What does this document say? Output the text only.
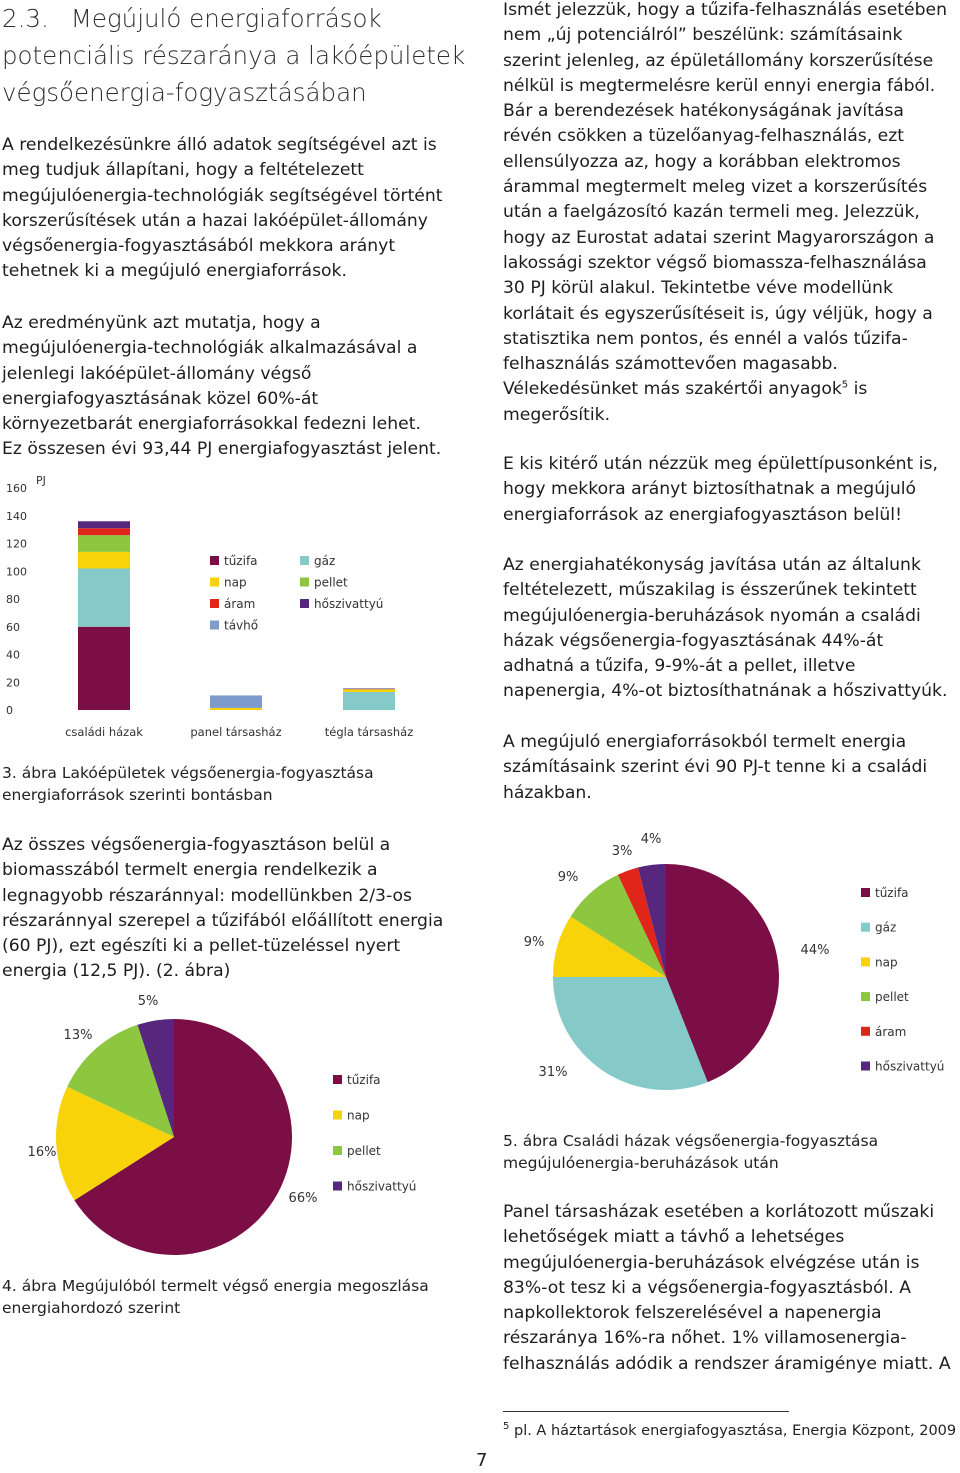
2.3. Megújuló energiaforrások
potenciális részaránya a lakóépületek
végsőenergia-fogyasztásában

A rendelkezésünkre álló adatok segítségével azt is

meg tudjuk állapítani, hogy a feltételezett

megújulóenergia-technológiák segítségével történt

korszerűsítések után a hazai lakóépület-állomány

végsőenergia-fogyasztásából mekkora arányt

tehetnek ki a megújuló energiaforrások.

Az eredményünk azt mutatja, hogy a

megújulóenergia-technológiák alkalmazásával a

jelenlegi lakóépület-állomány végső

energiafogyasztásának közel 60%-át

környezetbarát energiaforrásokkal fedezni lehet.

Ez összesen évi 93,44 PJ energiafogyasztást jelent.

0
20
40
60
80
100
120
140
160
PJ
családi házak	panel társasház	tégla társasház
tűzifa	gáz
nap	pellet
áram	hőszivattyú
távhő
3. ábra Lakóépületek végsőenergia-fogyasztása
energiaforrások szerinti bontásban

Az összes végsőenergia-fogyasztáson belül a

biomasszából termelt energia rendelkezik a

legnagyobb részaránnyal: modellünkben 2/3-os

részaránnyal szerepel a tűzifából előállított energia

(60 PJ), ezt egészíti ki a pellet-tüzeléssel nyert

energia (12,5 PJ). (2. ábra)

66%
16%
13%
5%
tűzifa
nap
pellet
hőszivattyú
4. ábra Megújulóból termelt végső energia megoszlása
energiahordozó szerint

Ismét jelezzük, hogy a tűzifa-felhasználás esetében

nem „új potenciálról” beszélünk: számításaink

szerint jelenleg, az épületállomány korszerűsítése

nélkül is megtermelésre kerül ennyi energia fából.

Bár a berendezések hatékonyságának javítása

révén csökken a tüzelőanyag-felhasználás, ezt

ellensúlyozza az, hogy a korábban elektromos

árammal megtermelt meleg vizet a korszerűsítés

után a faelgázosító kazán termeli meg. Jelezzük,

hogy az Eurostat adatai szerint Magyarországon a

lakossági szektor végső biomassza-felhasználása

30 PJ körül alakul. Tekintetbe véve modellünk

korlátait és egyszerűsítéseit is, úgy véljük, hogy a

statisztika nem pontos, és ennél a valós tűzifa-

felhasználás számottevően magasabb.

Vélekedésünket más szakértői anyagok$^5$ is

megerősítik.

E kis kitérő után nézzük meg épülettípusonként is,

hogy mekkora arányt biztosíthatnak a megújuló

energiaforrások az energiafogyasztáson belül!

Az energiahatékonyság javítása után az általunk

feltételezett, műszakilag is ésszerűnek tekintett

megújulóenergia-beruházások nyomán a családi

házak végsőenergia-fogyasztásának 44%-át

adhatná a tűzifa, 9-9%-át a pellet, illetve

napenergia, 4%-ot biztosíthatnának a hőszivattyúk.

A megújuló energiaforrásokból termelt energia

számításaink szerint évi 90 PJ-t tenne ki a családi

házakban.

44%
31%
9%
9%
3%
4%
tűzifa
gáz
nap
pellet
áram
hőszivattyú
5. ábra Családi házak végsőenergia-fogyasztása
megújulóenergia-beruházások után

Panel társasházak esetében a korlátozott műszaki

lehetőségek miatt a távhő a lehetséges

megújulóenergia-beruházások elvégzése után is

83%-ot tesz ki a végsőenergia-fogyasztásból. A

napkollektorok felszerelésével a napenergia

részaránya 16%-ra nőhet. 1% villamosenergia-

felhasználás adódik a rendszer áramigénye miatt. A

$^5$ pl. A háztartások energiafogyasztása, Energia Központ, 2009
7
